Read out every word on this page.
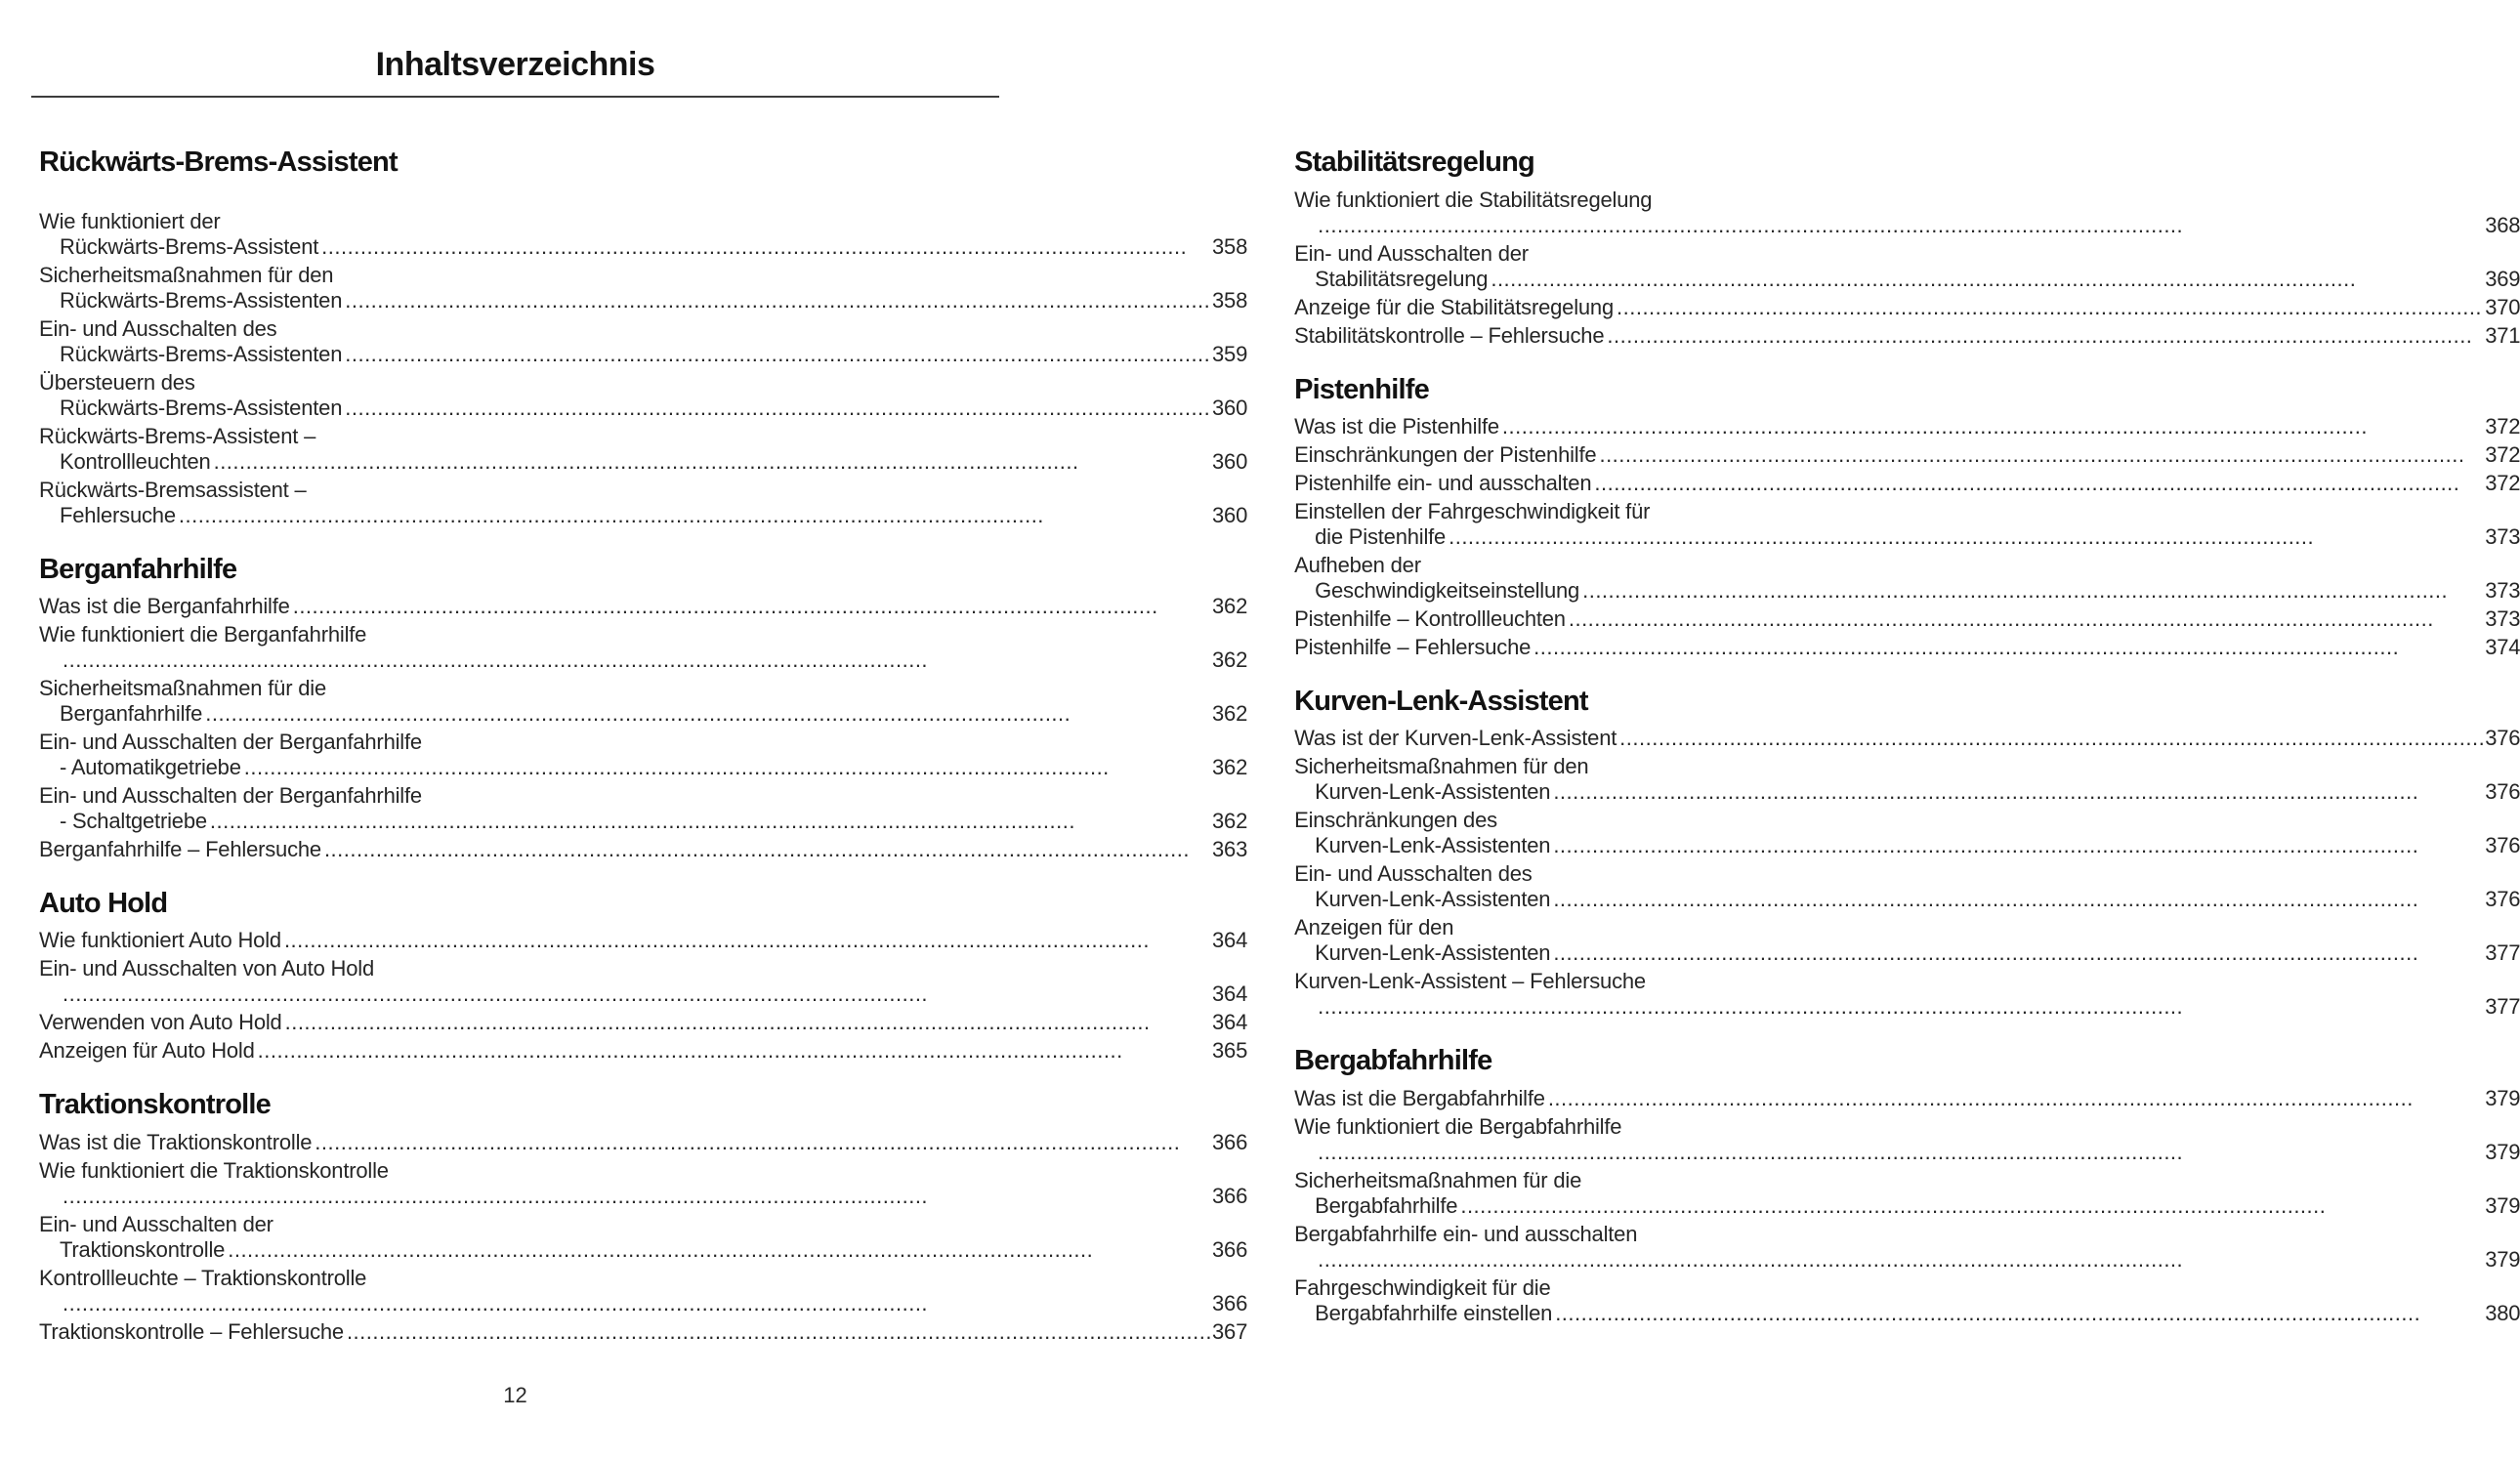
Inhaltsverzeichnis
Rückwärts-Brems-Assistent
Wie funktioniert der
Rückwärts-Brems-Assistent .....	358
Sicherheitsmaßnahmen für den
Rückwärts-Brems-Assistenten .....	358
Ein- und Ausschalten des
Rückwärts-Brems-Assistenten .....	359
Übersteuern des
Rückwärts-Brems-Assistenten .....	360
Rückwärts-Brems-Assistent –
Kontrollleuchten .....	360
Rückwärts-Bremsassistent –
Fehlersuche .....	360
Berganfahrhilfe
Was ist die Berganfahrhilfe .....	362
Wie funktioniert die Berganfahrhilfe
.....
362
Sicherheitsmaßnahmen für die
Berganfahrhilfe .....	362
Ein- und Ausschalten der Berganfahrhilfe
- Automatikgetriebe .....	362
Ein- und Ausschalten der Berganfahrhilfe
- Schaltgetriebe .....	362
Berganfahrhilfe – Fehlersuche .....	363
Auto Hold
Wie funktioniert Auto Hold .....	364
Ein- und Ausschalten von Auto Hold
.....
364
Verwenden von Auto Hold .....	364
Anzeigen für Auto Hold .....	365
Traktionskontrolle
Was ist die Traktionskontrolle .....	366
Wie funktioniert die Traktionskontrolle
.....
366
Ein- und Ausschalten der
Traktionskontrolle .....	366
Kontrollleuchte – Traktionskontrolle
.....
366
Traktionskontrolle – Fehlersuche .....	367
Stabilitätsregelung
Wie funktioniert die Stabilitätsregelung
.....
368
Ein- und Ausschalten der
Stabilitätsregelung .....	369
Anzeige für die Stabilitätsregelung .....	370
Stabilitätskontrolle – Fehlersuche .....	371
Pistenhilfe
Was ist die Pistenhilfe .....	372
Einschränkungen der Pistenhilfe .....	372
Pistenhilfe ein- und ausschalten .....	372
Einstellen der Fahrgeschwindigkeit für
die Pistenhilfe .....	373
Aufheben der
Geschwindigkeitseinstellung .....	373
Pistenhilfe – Kontrollleuchten .....	373
Pistenhilfe – Fehlersuche .....	374
Kurven-Lenk-Assistent
Was ist der Kurven-Lenk-Assistent .....	376
Sicherheitsmaßnahmen für den
Kurven-Lenk-Assistenten .....	376
Einschränkungen des
Kurven-Lenk-Assistenten .....	376
Ein- und Ausschalten des
Kurven-Lenk-Assistenten .....	376
Anzeigen für den
Kurven-Lenk-Assistenten .....	377
Kurven-Lenk-Assistent – Fehlersuche
.....
377
Bergabfahrhilfe
Was ist die Bergabfahrhilfe .....	379
Wie funktioniert die Bergabfahrhilfe
.....
379
Sicherheitsmaßnahmen für die
Bergabfahrhilfe .....	379
Bergabfahrhilfe ein- und ausschalten
.....
379
Fahrgeschwindigkeit für die
Bergabfahrhilfe einstellen .....	380
12
